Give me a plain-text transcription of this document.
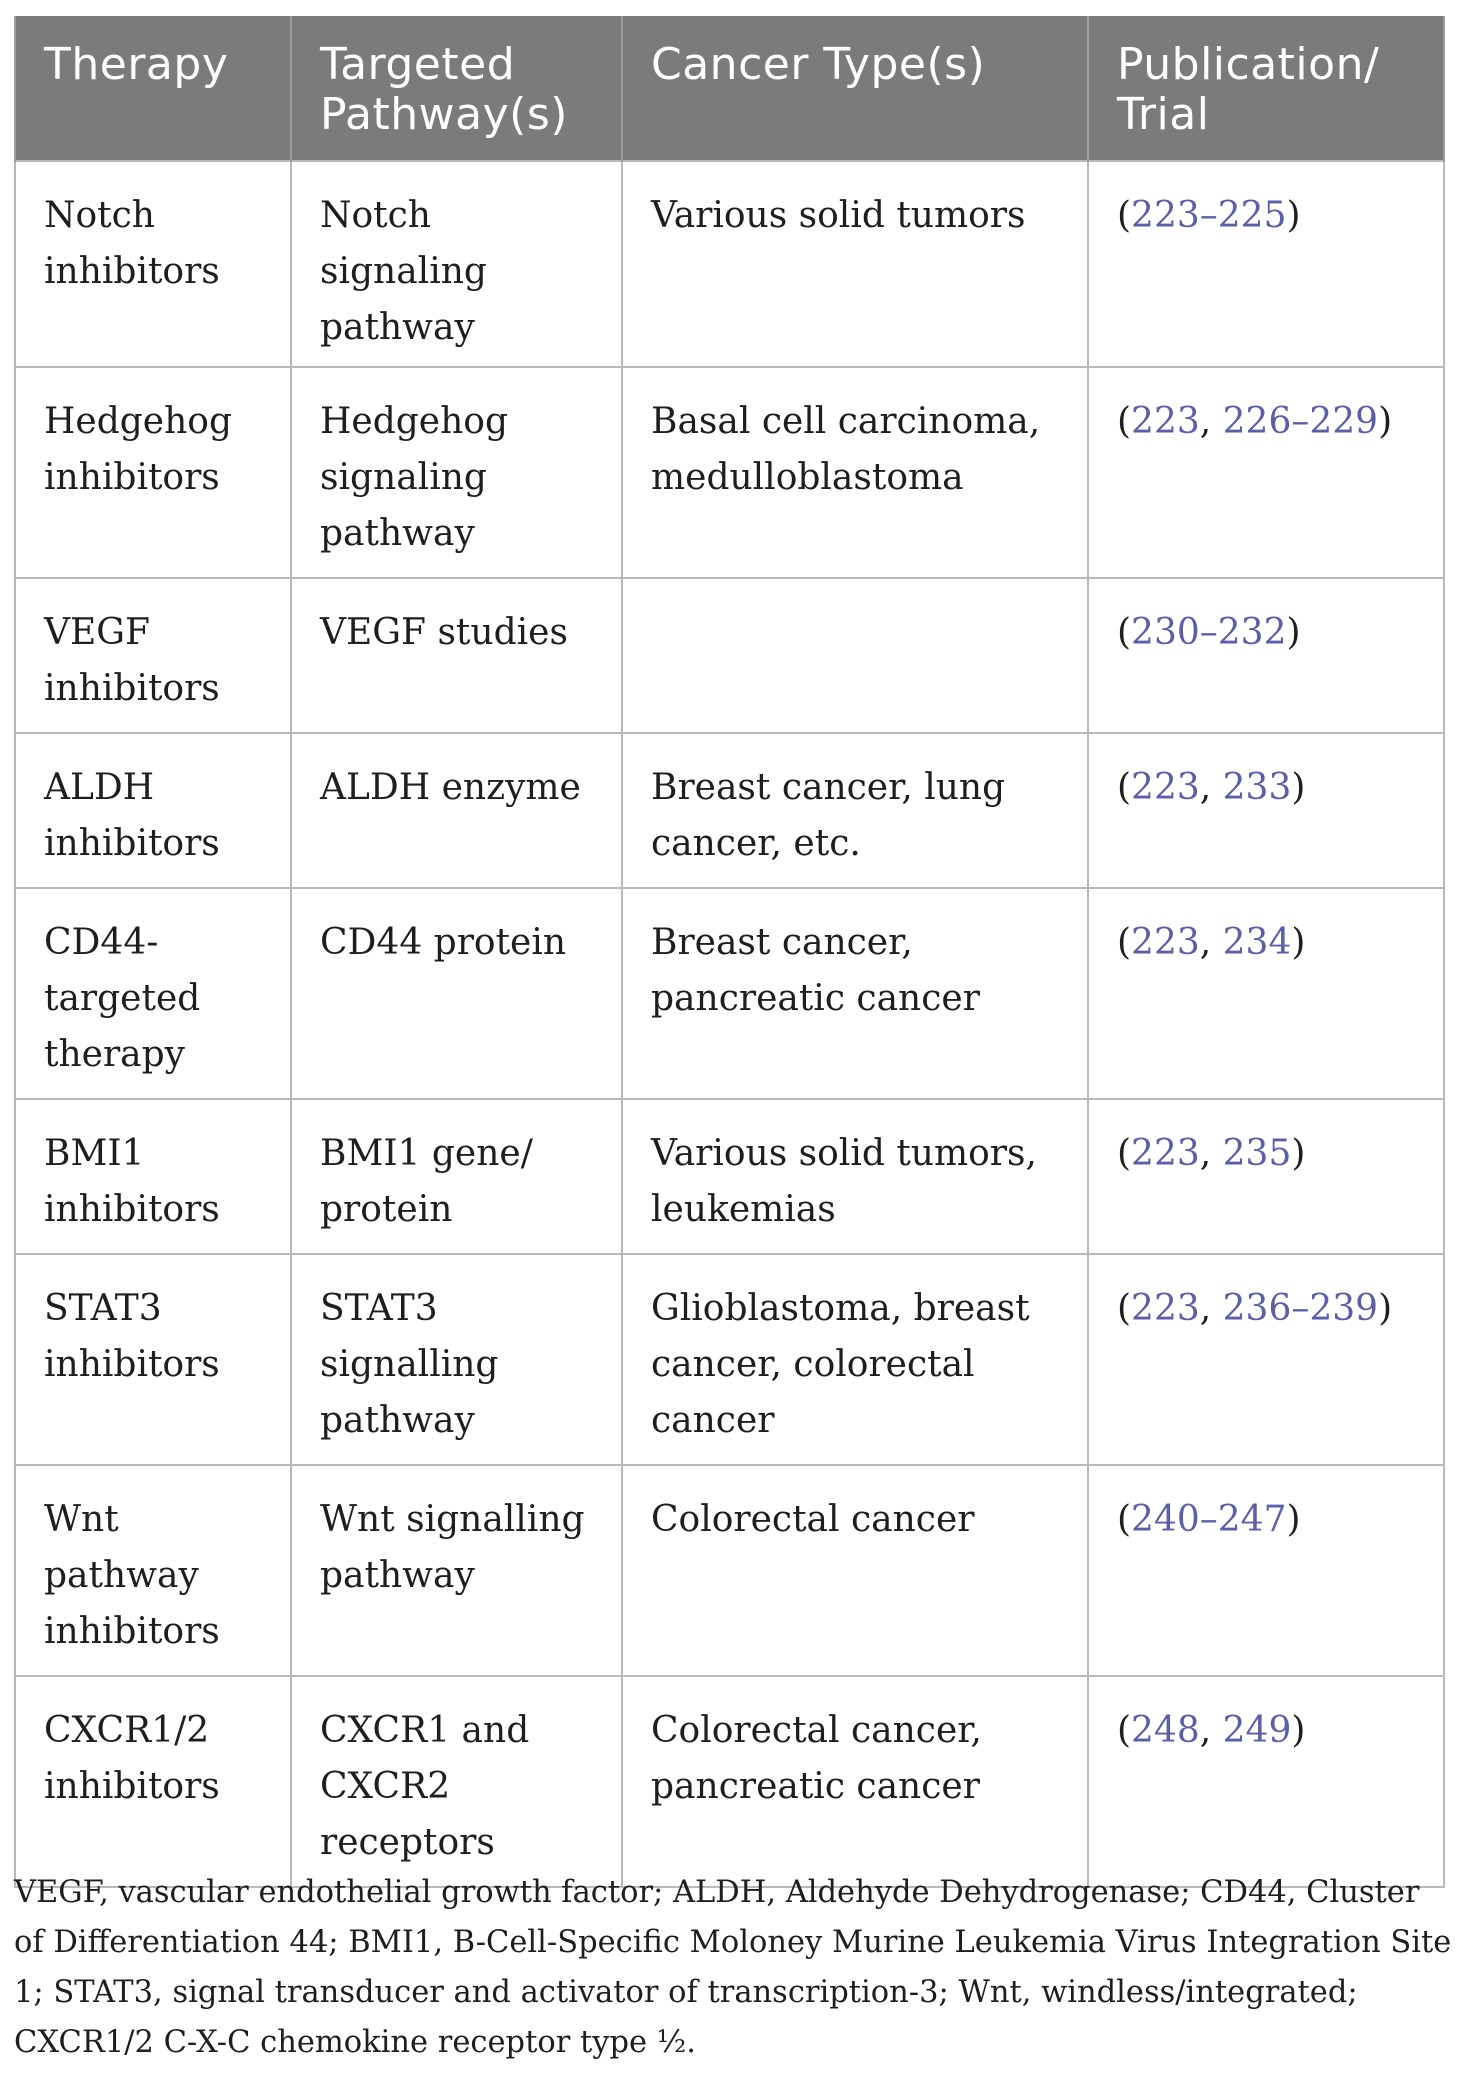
Therapy	Targeted Pathway(s)	Cancer Type(s)	Publication/ Trial
Notch inhibitors	Notch signaling pathway	Various solid tumors	(223–225)
Hedgehog inhibitors	Hedgehog signaling pathway	Basal cell carcinoma, medulloblastoma	(223, 226–229)
VEGF inhibitors	VEGF studies		(230–232)
ALDH inhibitors	ALDH enzyme	Breast cancer, lung cancer, etc.	(223, 233)
CD44-targeted therapy	CD44 protein	Breast cancer, pancreatic cancer	(223, 234)
BMI1 inhibitors	BMI1 gene/ protein	Various solid tumors, leukemias	(223, 235)
STAT3 inhibitors	STAT3 signalling pathway	Glioblastoma, breast cancer, colorectal cancer	(223, 236–239)
Wnt pathway inhibitors	Wnt signalling pathway	Colorectal cancer	(240–247)
CXCR1/2 inhibitors	CXCR1 and CXCR2 receptors	Colorectal cancer, pancreatic cancer	(248, 249)
VEGF, vascular endothelial growth factor; ALDH, Aldehyde Dehydrogenase; CD44, Cluster of Differentiation 44; BMI1, B-Cell-Specific Moloney Murine Leukemia Virus Integration Site 1; STAT3, signal transducer and activator of transcription-3; Wnt, windless/integrated; CXCR1/2 C-X-C chemokine receptor type ½.
